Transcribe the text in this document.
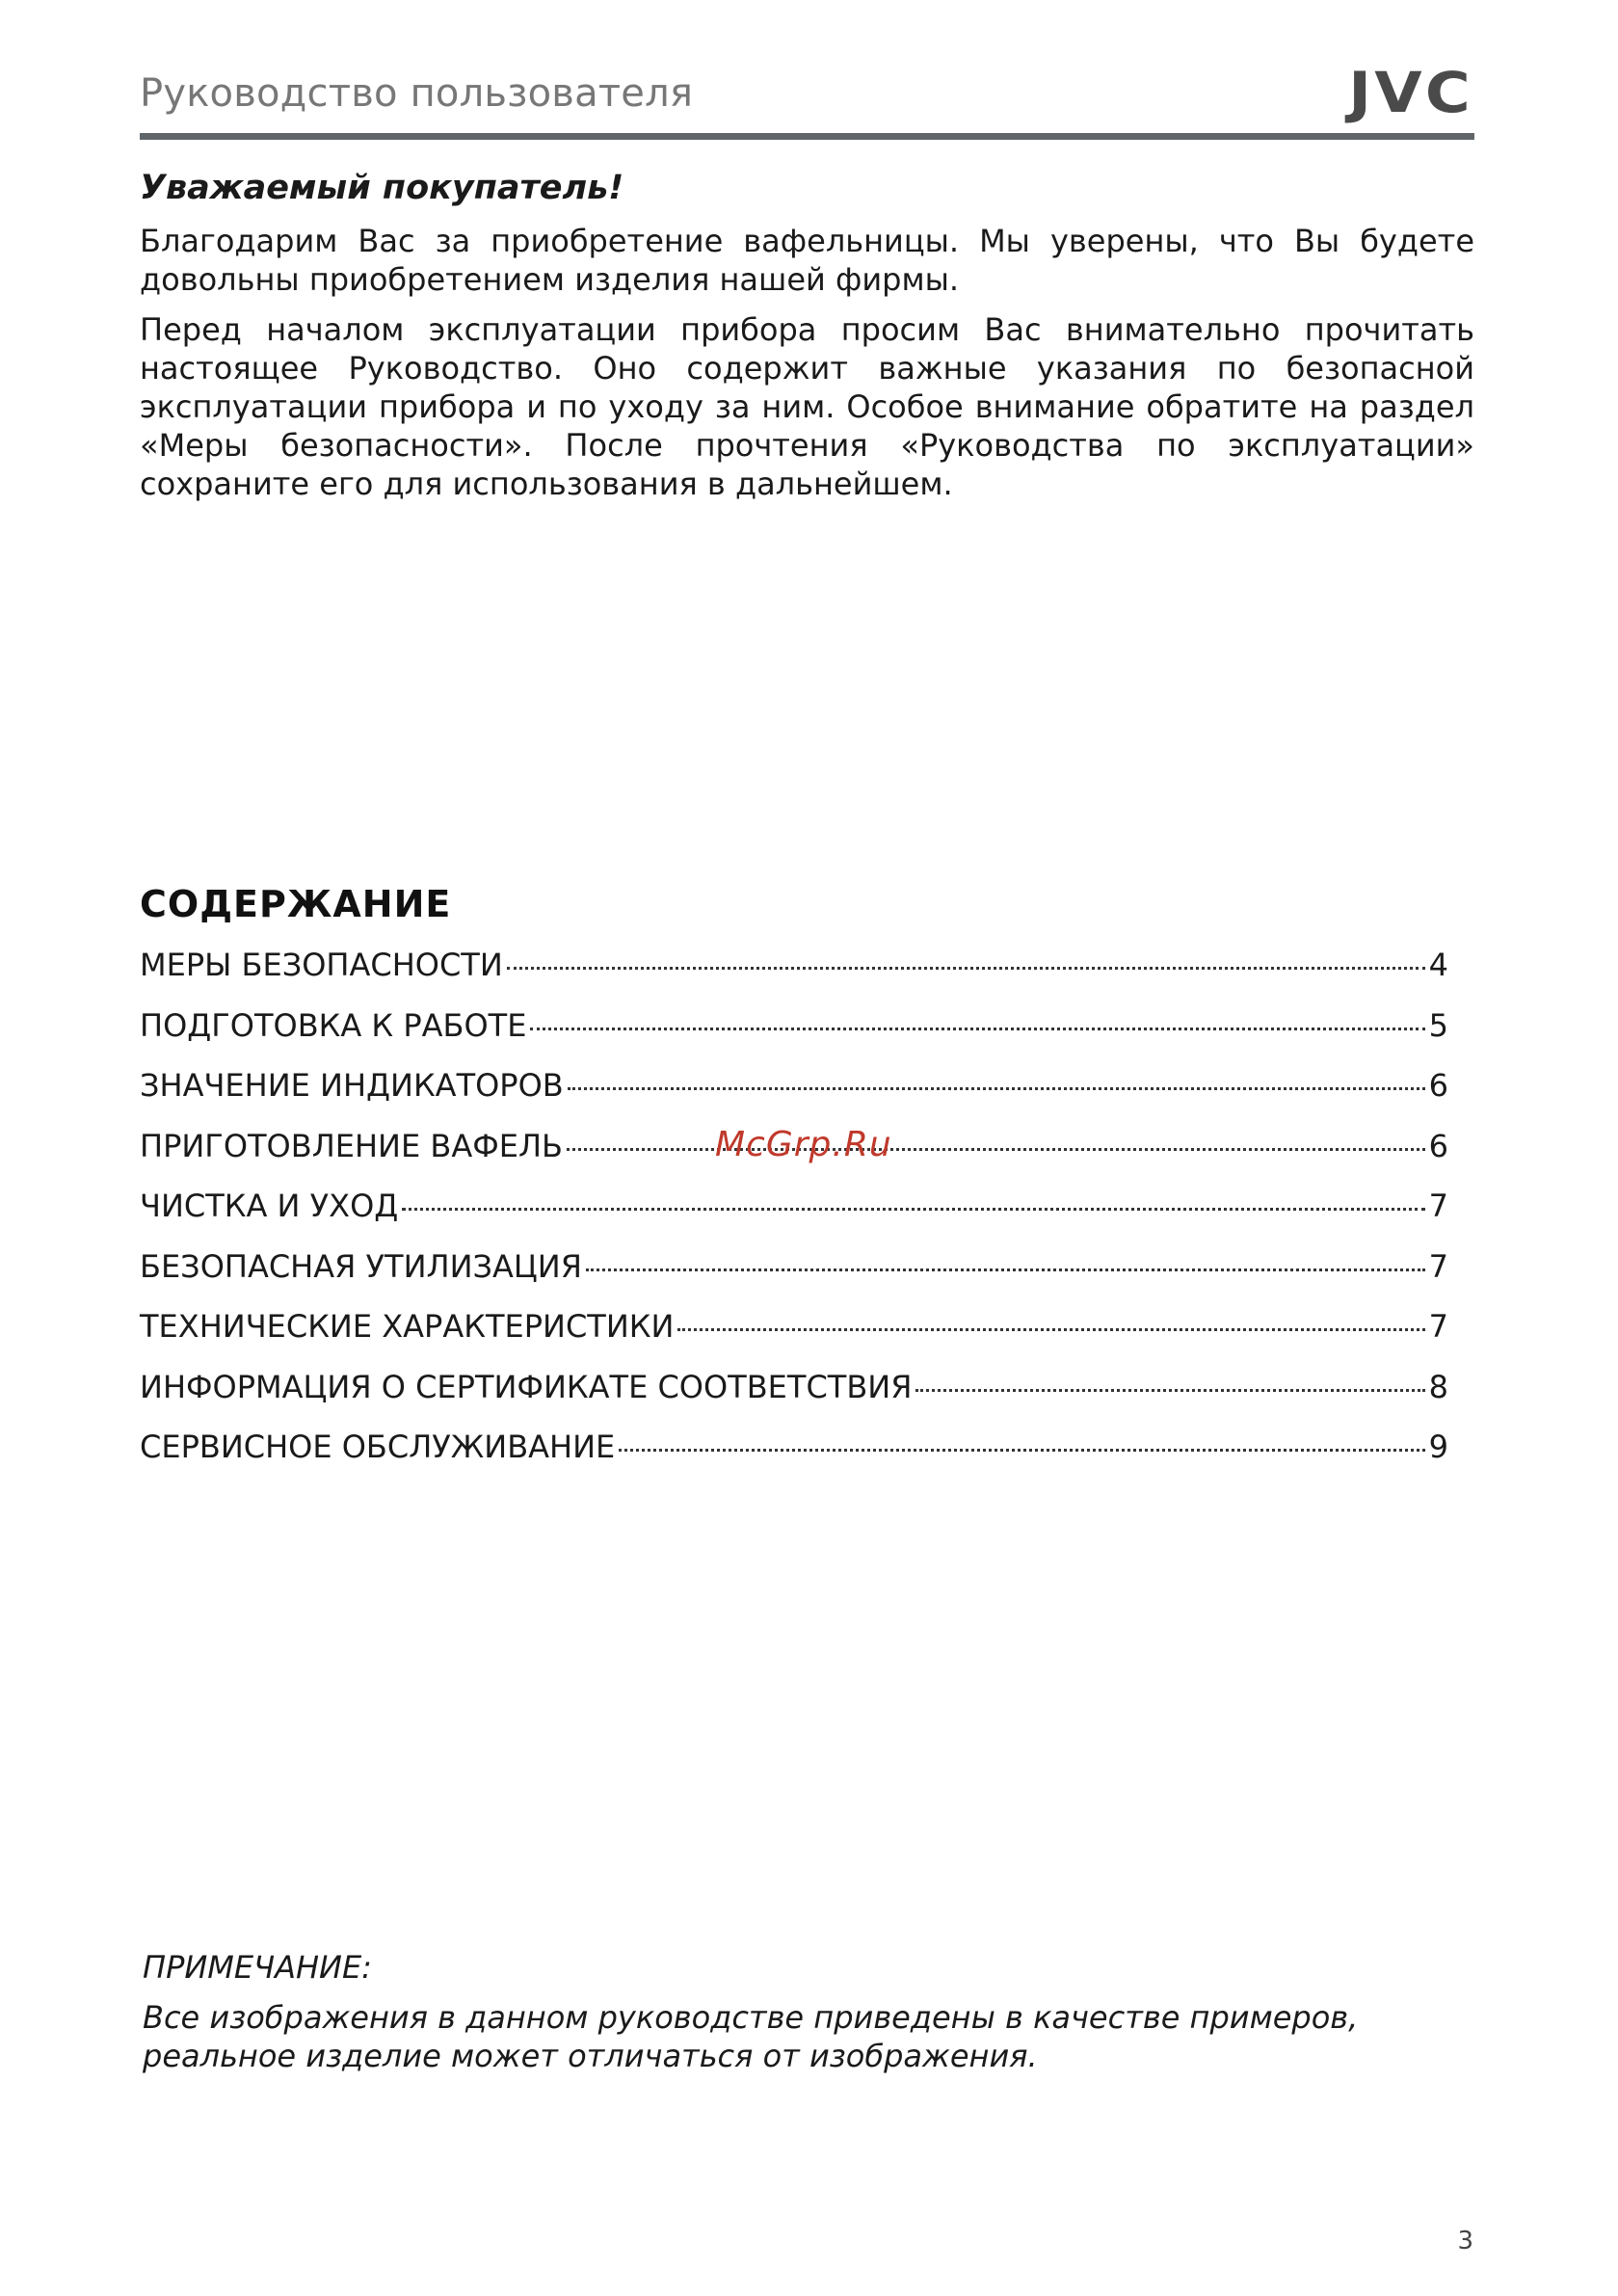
Руководство пользователя	JVC
Уважаемый покупатель!

Благодарим Вас за приобретение вафельницы. Мы уверены, что Вы будете довольны приобретением изделия нашей фирмы.

Перед началом эксплуатации прибора просим Вас внимательно прочитать настоящее Руководство. Оно содержит важные указания по безопасной эксплуатации прибора и по уходу за ним. Особое внимание обратите на раздел «Меры безопасности». После прочтения «Руководства по эксплуатации» сохраните его для использования в дальнейшем.

СОДЕРЖАНИЕ
МЕРЫ БЕЗОПАСНОСТИ	4
ПОДГОТОВКА К РАБОТЕ	5
ЗНАЧЕНИЕ ИНДИКАТОРОВ	6
ПРИГОТОВЛЕНИЕ ВАФЕЛЬ	6
ЧИСТКА И УХОД	7
БЕЗОПАСНАЯ УТИЛИЗАЦИЯ	7
ТЕХНИЧЕСКИЕ ХАРАКТЕРИСТИКИ	7
ИНФОРМАЦИЯ О СЕРТИФИКАТЕ СООТВЕТСТВИЯ	8
СЕРВИСНОЕ ОБСЛУЖИВАНИЕ	9
McGrp.Ru
ПРИМЕЧАНИЕ:

Все изображения в данном руководстве приведены в качестве примеров, реальное изделие может отличаться от изображения.

3
